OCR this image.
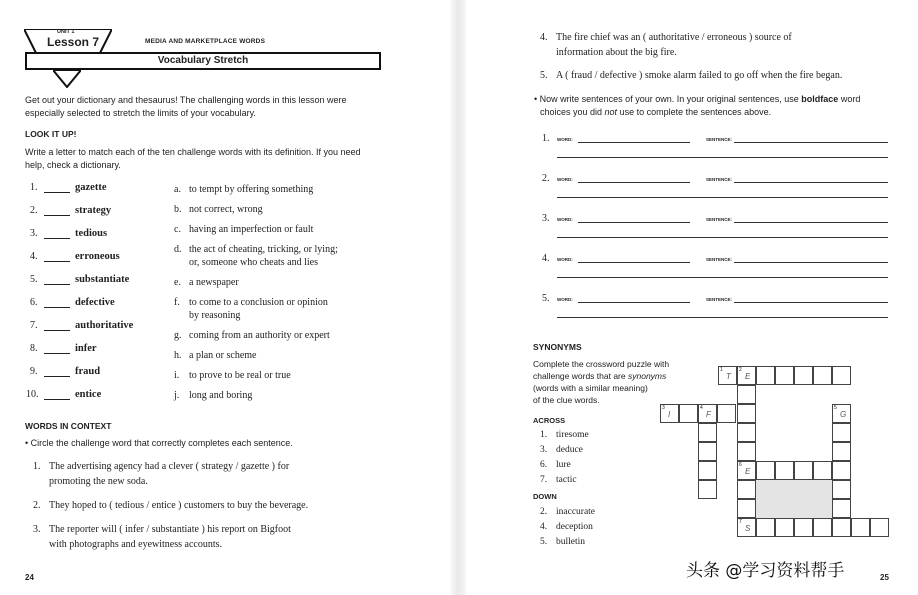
UNIT 1
Lesson 7	MEDIA AND MARKETPLACE WORDS
Vocabulary Stretch
Get out your dictionary and thesaurus! The challenging words in this lesson were
especially selected to stretch the limits of your vocabulary.
LOOK IT UP!
Write a letter to match each of the ten challenge words with its definition. If you need
help, check a dictionary.
1.	gazette
2.	strategy
3.	tedious
4.	erroneous
5.	substantiate
6.	defective
7.	authoritative
8.	infer
9.	fraud
10.	entice
a. to tempt by offering something
b. not correct, wrong
c. having an imperfection or fault
d. the act of cheating, tricking, or lying;
or, someone who cheats and lies
e. a newspaper
f. to come to a conclusion or opinion
by reasoning
g. coming from an authority or expert
h. a plan or scheme
i. to prove to be real or true
j. long and boring
WORDS IN CONTEXT
• Circle the challenge word that correctly completes each sentence.
1. The advertising agency had a clever ( strategy / gazette ) for
promoting the new soda.
2. They hoped to ( tedious / entice ) customers to buy the beverage.
3. The reporter will ( infer / substantiate ) his report on Bigfoot
with photographs and eyewitness accounts.
24
4. The fire chief was an ( authoritative / erroneous ) source of
information about the big fire.
5. A ( fraud / defective ) smoke alarm failed to go off when the fire began.
• Now write sentences of your own. In your original sentences, use boldface word
choices you did not use to complete the sentences above.
1. WORD:	SENTENCE:
2. WORD:	SENTENCE:
3. WORD:	SENTENCE:
4. WORD:	SENTENCE:
5. WORD:	SENTENCE:
SYNONYMS
Complete the crossword puzzle with
challenge words that are synonyms
(words with a similar meaning)
of the clue words.
ACROSS
1. tiresome
3. deduce
6. lure
7. tactic
DOWN
2. inaccurate
4. deception
5. bulletin
1
T
2
E
3
I
4
F
5
G
6
E
7
S
25
头条 @学习资料帮手
